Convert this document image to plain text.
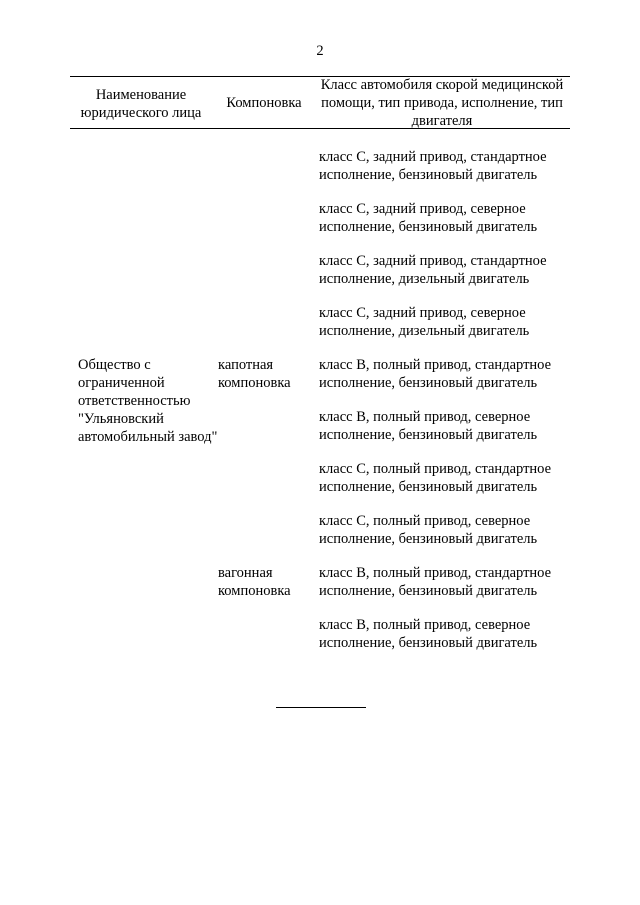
2
Наименование юридического лица
Компоновка
Класс автомобиля скорой медицинской помощи, тип привода, исполнение, тип двигателя
Общество с ограниченной ответственностью "Ульяновский автомобильный завод"
капотная компоновка
вагонная компоновка
класс С, задний привод, стандартное исполнение, бензиновый двигатель
класс С, задний привод, северное исполнение, бензиновый двигатель
класс С, задний привод, стандартное исполнение, дизельный двигатель
класс С, задний привод, северное исполнение, дизельный двигатель
класс В, полный привод, стандартное исполнение, бензиновый двигатель
класс В, полный привод, северное исполнение, бензиновый двигатель
класс С, полный привод, стандартное исполнение, бензиновый двигатель
класс С, полный привод, северное исполнение, бензиновый двигатель
класс В, полный привод, стандартное исполнение, бензиновый двигатель
класс В, полный привод, северное исполнение, бензиновый двигатель
